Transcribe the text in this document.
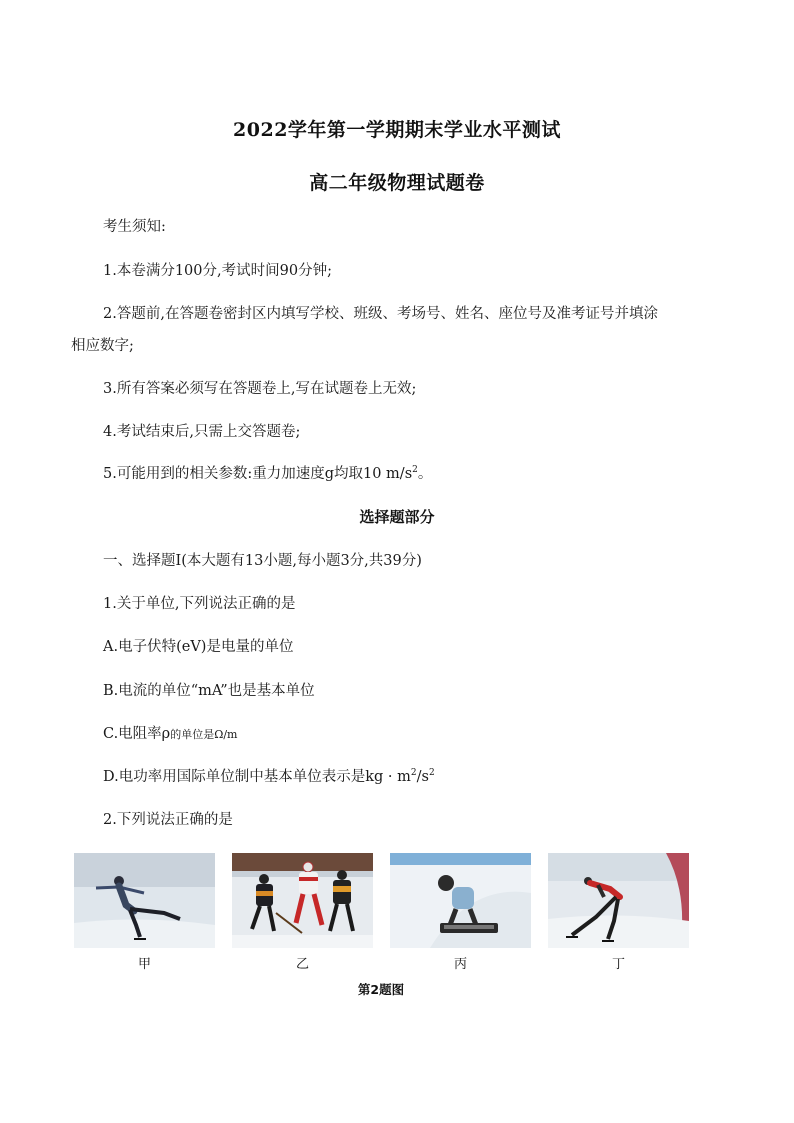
2022学年第一学期期末学业水平测试
高二年级物理试题卷
考生须知:
1.本卷满分100分,考试时间90分钟;
2.答题前,在答题卷密封区内填写学校、班级、考场号、姓名、座位号及准考证号并填涂
相应数字;
3.所有答案必须写在答题卷上,写在试题卷上无效;
4.考试结束后,只需上交答题卷;
5.可能用到的相关参数:重力加速度g均取10 $m/s^2$。
选择题部分
一、选择题Ⅰ(本大题有13小题,每小题3分,共39分)
1.关于单位,下列说法正确的是
A.电子伏特(eV)是电量的单位
B.电流的单位“mA”也是基本单位
C.电阻率ρ的单位是Ω/m
D.电功率用国际单位制中基本单位表示是kg · $m^2/s^2$
2.下列说法正确的是
甲	乙	丙	丁
第2题图
